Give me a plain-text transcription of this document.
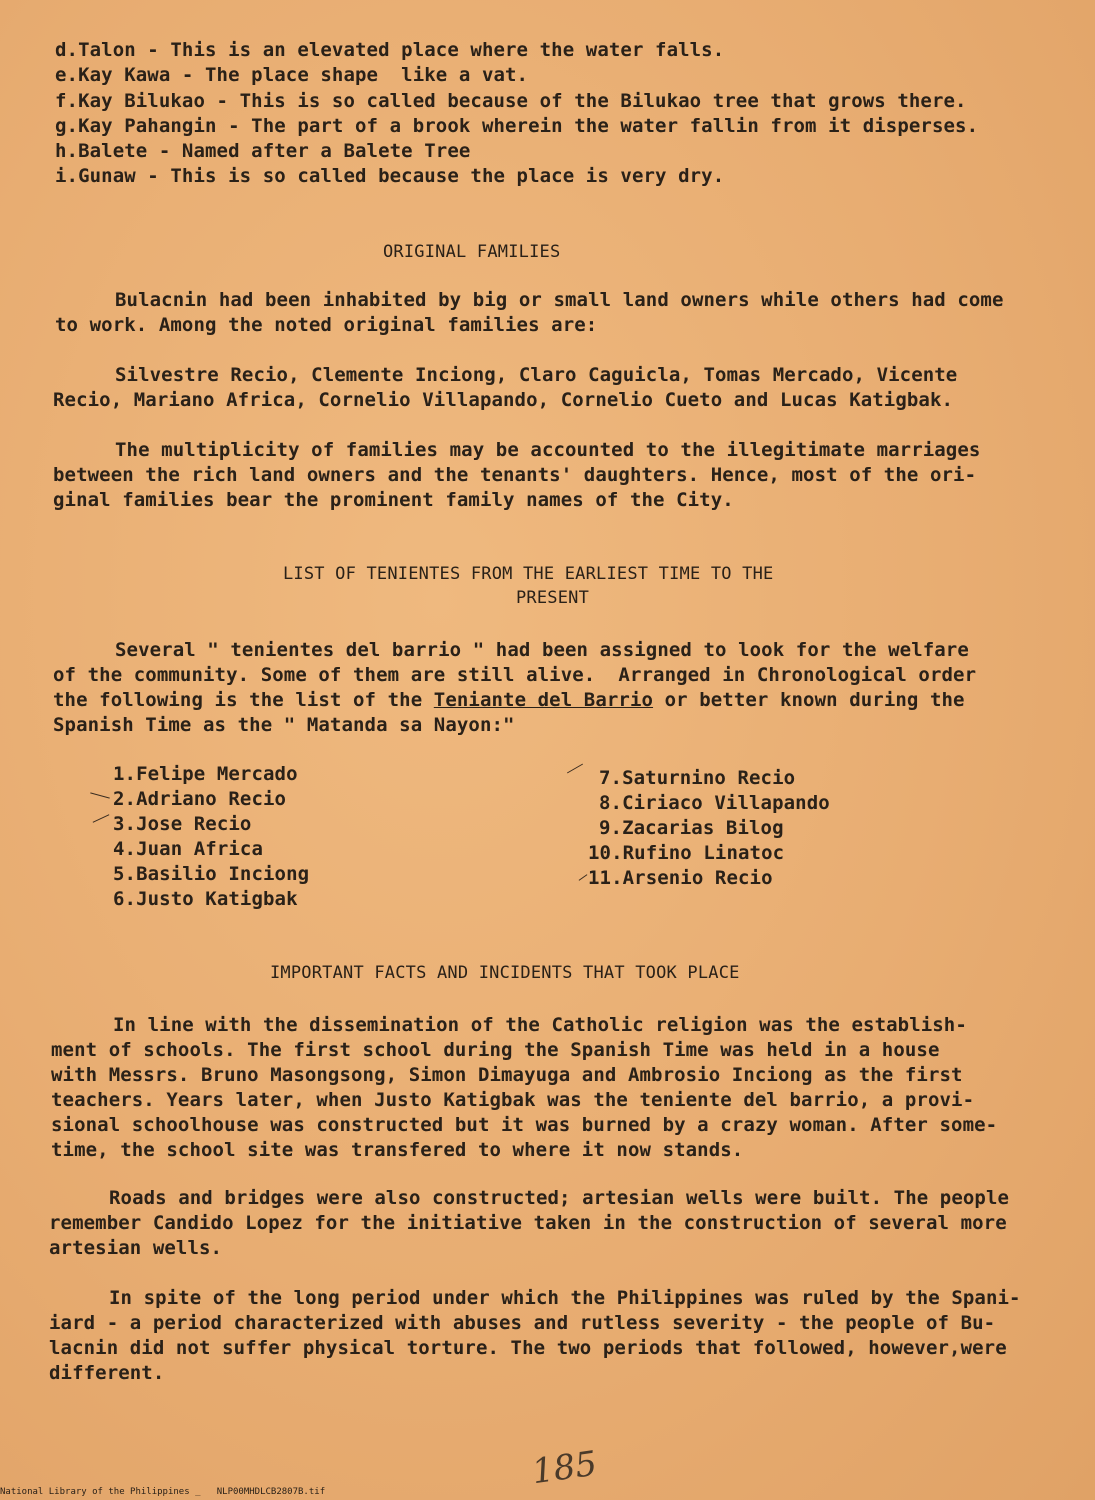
d.Talon - This is an elevated place where the water falls.
e.Kay Kawa - The place shape  like a vat.
f.Kay Bilukao - This is so called because of the Bilukao tree that grows there.
g.Kay Pahangin - The part of a brook wherein the water fallin from it disperses.
h.Balete - Named after a Balete Tree
i.Gunaw - This is so called because the place is very dry.
ORIGINAL FAMILIES
Bulacnin had been inhabited by big or small land owners while others had come
to work. Among the noted original families are:
Silvestre Recio, Clemente Inciong, Claro Caguicla, Tomas Mercado, Vicente
Recio, Mariano Africa, Cornelio Villapando, Cornelio Cueto and Lucas Katigbak.
The multiplicity of families may be accounted to the illegitimate marriages
between the rich land owners and the tenants' daughters. Hence, most of the ori-
ginal families bear the prominent family names of the City.
LIST OF TENIENTES FROM THE EARLIEST TIME TO THE
PRESENT
Several " tenientes del barrio " had been assigned to look for the welfare
of the community. Some of them are still alive.  Arranged in Chronological order
the following is the list of the Teniante del Barrio or better known during the
Spanish Time as the " Matanda sa Nayon:"
1.Felipe Mercado
2.Adriano Recio
3.Jose Recio
4.Juan Africa
5.Basilio Inciong
6.Justo Katigbak
7.Saturnino Recio
8.Ciriaco Villapando
9.Zacarias Bilog
10.Rufino Linatoc
11.Arsenio Recio
IMPORTANT FACTS AND INCIDENTS THAT TOOK PLACE
In line with the dissemination of the Catholic religion was the establish-
ment of schools. The first school during the Spanish Time was held in a house
with Messrs. Bruno Masongsong, Simon Dimayuga and Ambrosio Inciong as the first
teachers. Years later, when Justo Katigbak was the teniente del barrio, a provi-
sional schoolhouse was constructed but it was burned by a crazy woman. After some-
time, the school site was transfered to where it now stands.
Roads and bridges were also constructed; artesian wells were built. The people
remember Candido Lopez for the initiative taken in the construction of several more
artesian wells.
In spite of the long period under which the Philippines was ruled by the Spani-
iard - a period characterized with abuses and rutless severity - the people of Bu-
lacnin did not suffer physical torture. The two periods that followed, however,were
different.
185
National Library of the Philippines _   NLP00MHDLCB2807B.tif
